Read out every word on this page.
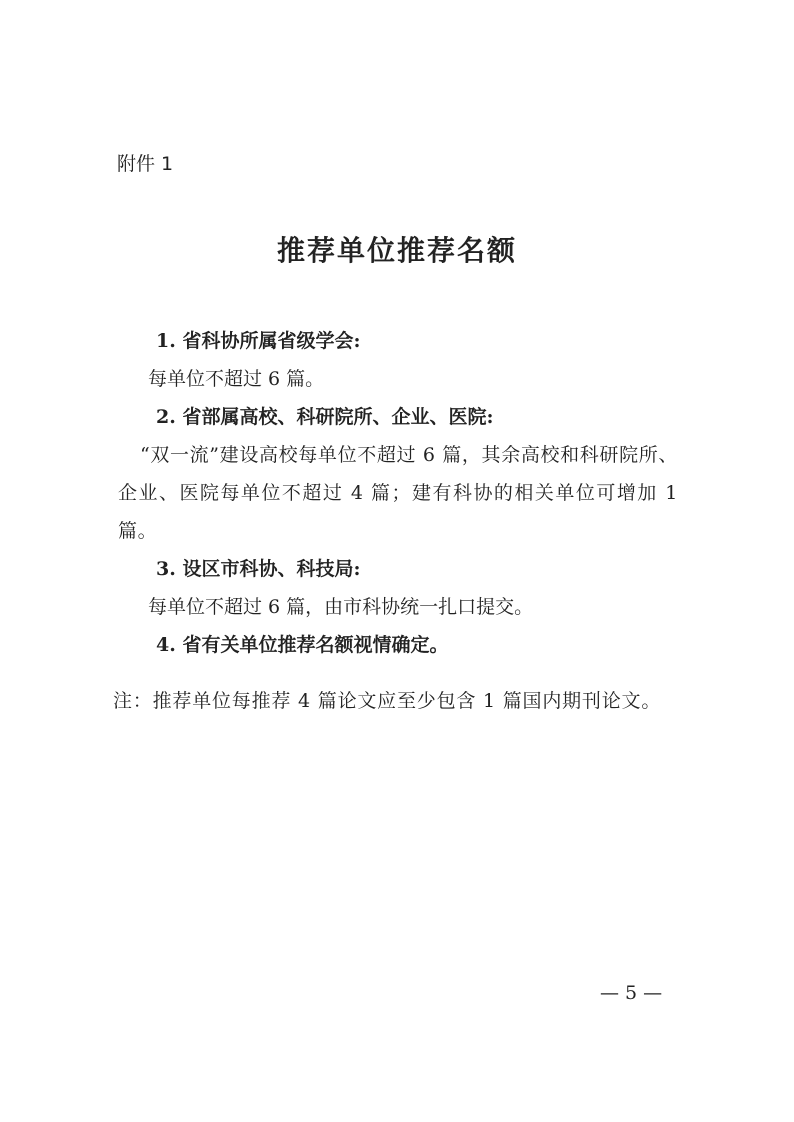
附件 1

推荐单位推荐名额

1. 省科协所属省级学会:

每单位不超过 6 篇。

2. 省部属高校、科研院所、企业、医院:

“双一流”建设高校每单位不超过 6 篇，其余高校和科研院所、企业、医院每单位不超过 4 篇；建有科协的相关单位可增加 1 篇。

3. 设区市科协、科技局:

每单位不超过 6 篇，由市科协统一扎口提交。

4. 省有关单位推荐名额视情确定。

注：推荐单位每推荐 4 篇论文应至少包含 1 篇国内期刊论文。

— 5 —
